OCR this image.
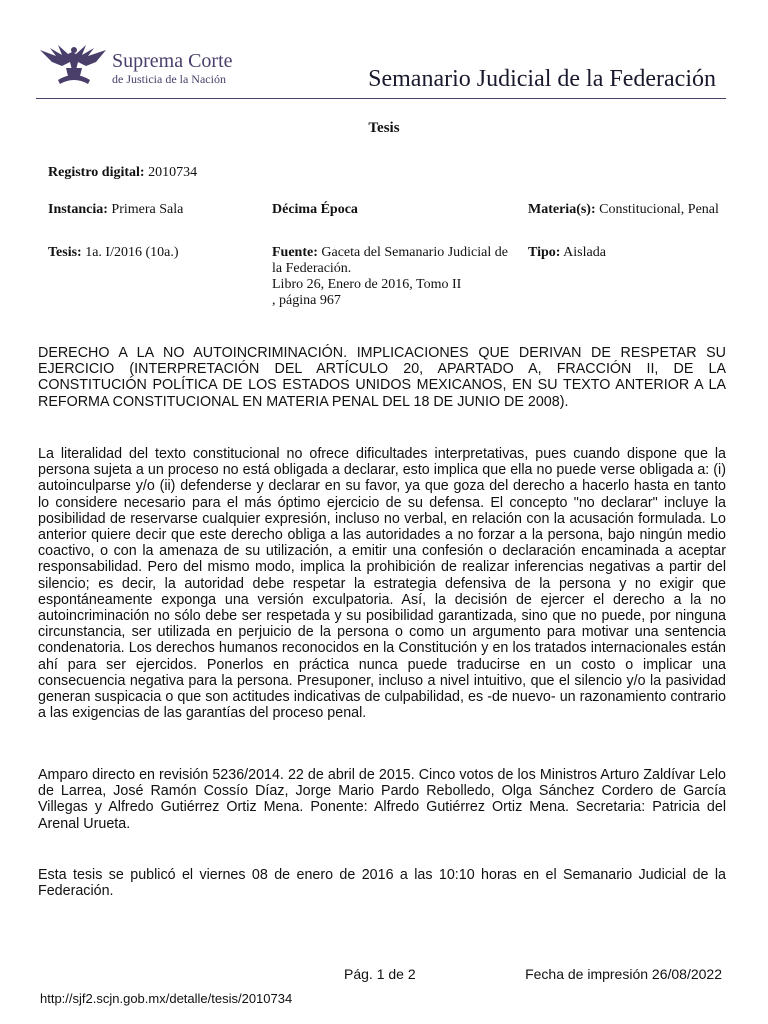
Suprema Corte
de Justicia de la Nación	Semanario Judicial de la Federación
Tesis
Registro digital: 2010734
Instancia: Primera Sala	Décima Época	Materia(s): Constitucional, Penal
Tesis: 1a. I/2016 (10a.)	Fuente: Gaceta del Semanario Judicial de la Federación.
Libro 26, Enero de 2016, Tomo II
, página 967
Tipo: Aislada
DERECHO A LA NO AUTOINCRIMINACIÓN. IMPLICACIONES QUE DERIVAN DE RESPETAR SU EJERCICIO (INTERPRETACIÓN DEL ARTÍCULO 20, APARTADO A, FRACCIÓN II, DE LA CONSTITUCIÓN POLÍTICA DE LOS ESTADOS UNIDOS MEXICANOS, EN SU TEXTO ANTERIOR A LA REFORMA CONSTITUCIONAL EN MATERIA PENAL DEL 18 DE JUNIO DE 2008).
La literalidad del texto constitucional no ofrece dificultades interpretativas, pues cuando dispone que la persona sujeta a un proceso no está obligada a declarar, esto implica que ella no puede verse obligada a: (i) autoinculparse y/o (ii) defenderse y declarar en su favor, ya que goza del derecho a hacerlo hasta en tanto lo considere necesario para el más óptimo ejercicio de su defensa. El concepto "no declarar" incluye la posibilidad de reservarse cualquier expresión, incluso no verbal, en relación con la acusación formulada. Lo anterior quiere decir que este derecho obliga a las autoridades a no forzar a la persona, bajo ningún medio coactivo, o con la amenaza de su utilización, a emitir una confesión o declaración encaminada a aceptar responsabilidad. Pero del mismo modo, implica la prohibición de realizar inferencias negativas a partir del silencio; es decir, la autoridad debe respetar la estrategia defensiva de la persona y no exigir que espontáneamente exponga una versión exculpatoria. Así, la decisión de ejercer el derecho a la no autoincriminación no sólo debe ser respetada y su posibilidad garantizada, sino que no puede, por ninguna circunstancia, ser utilizada en perjuicio de la persona o como un argumento para motivar una sentencia condenatoria. Los derechos humanos reconocidos en la Constitución y en los tratados internacionales están ahí para ser ejercidos. Ponerlos en práctica nunca puede traducirse en un costo o implicar una consecuencia negativa para la persona. Presuponer, incluso a nivel intuitivo, que el silencio y/o la pasividad generan suspicacia o que son actitudes indicativas de culpabilidad, es -de nuevo- un razonamiento contrario a las exigencias de las garantías del proceso penal.
Amparo directo en revisión 5236/2014. 22 de abril de 2015. Cinco votos de los Ministros Arturo Zaldívar Lelo de Larrea, José Ramón Cossío Díaz, Jorge Mario Pardo Rebolledo, Olga Sánchez Cordero de García Villegas y Alfredo Gutiérrez Ortiz Mena. Ponente: Alfredo Gutiérrez Ortiz Mena. Secretaria: Patricia del Arenal Urueta.
Esta tesis se publicó el viernes 08 de enero de 2016 a las 10:10 horas en el Semanario Judicial de la Federación.
Pág. 1 de 2	Fecha de impresión 26/08/2022
http://sjf2.scjn.gob.mx/detalle/tesis/2010734
